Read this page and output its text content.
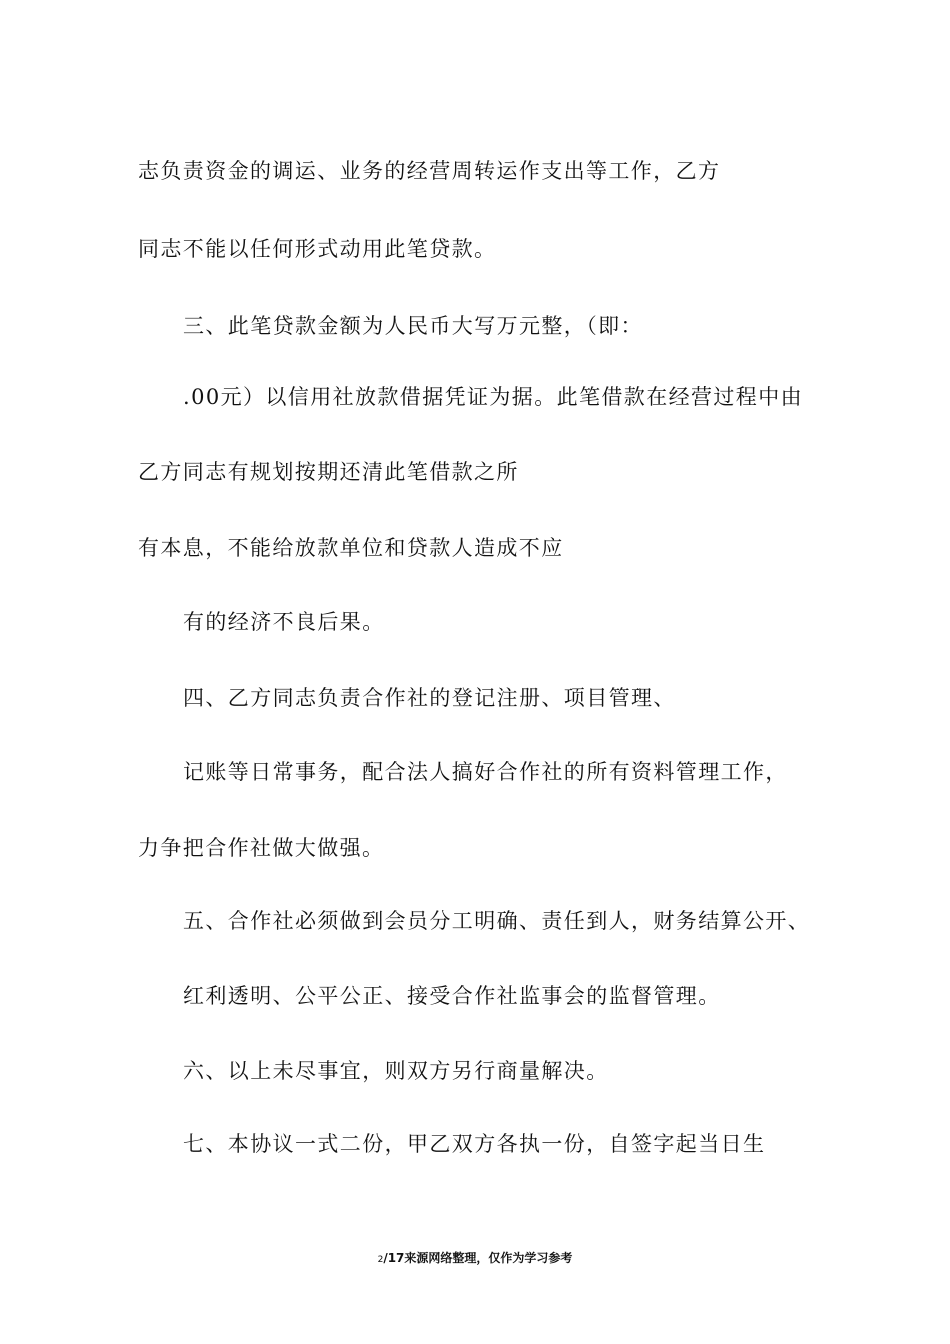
志负责资金的调运、业务的经营周转运作支出等工作，乙方
同志不能以任何形式动用此笔贷款。
三、此笔贷款金额为人民币大写万元整，（即：
.00元）以信用社放款借据凭证为据。此笔借款在经营过程中由
乙方同志有规划按期还清此笔借款之所
有本息，不能给放款单位和贷款人造成不应
有的经济不良后果。
四、乙方同志负责合作社的登记注册、项目管理、
记账等日常事务，配合法人搞好合作社的所有资料管理工作，
力争把合作社做大做强。
五、合作社必须做到会员分工明确、责任到人，财务结算公开、
红利透明、公平公正、接受合作社监事会的监督管理。
六、以上未尽事宜，则双方另行商量解决。
七、本协议一式二份，甲乙双方各执一份，自签字起当日生
2/17来源网络整理，仅作为学习参考
